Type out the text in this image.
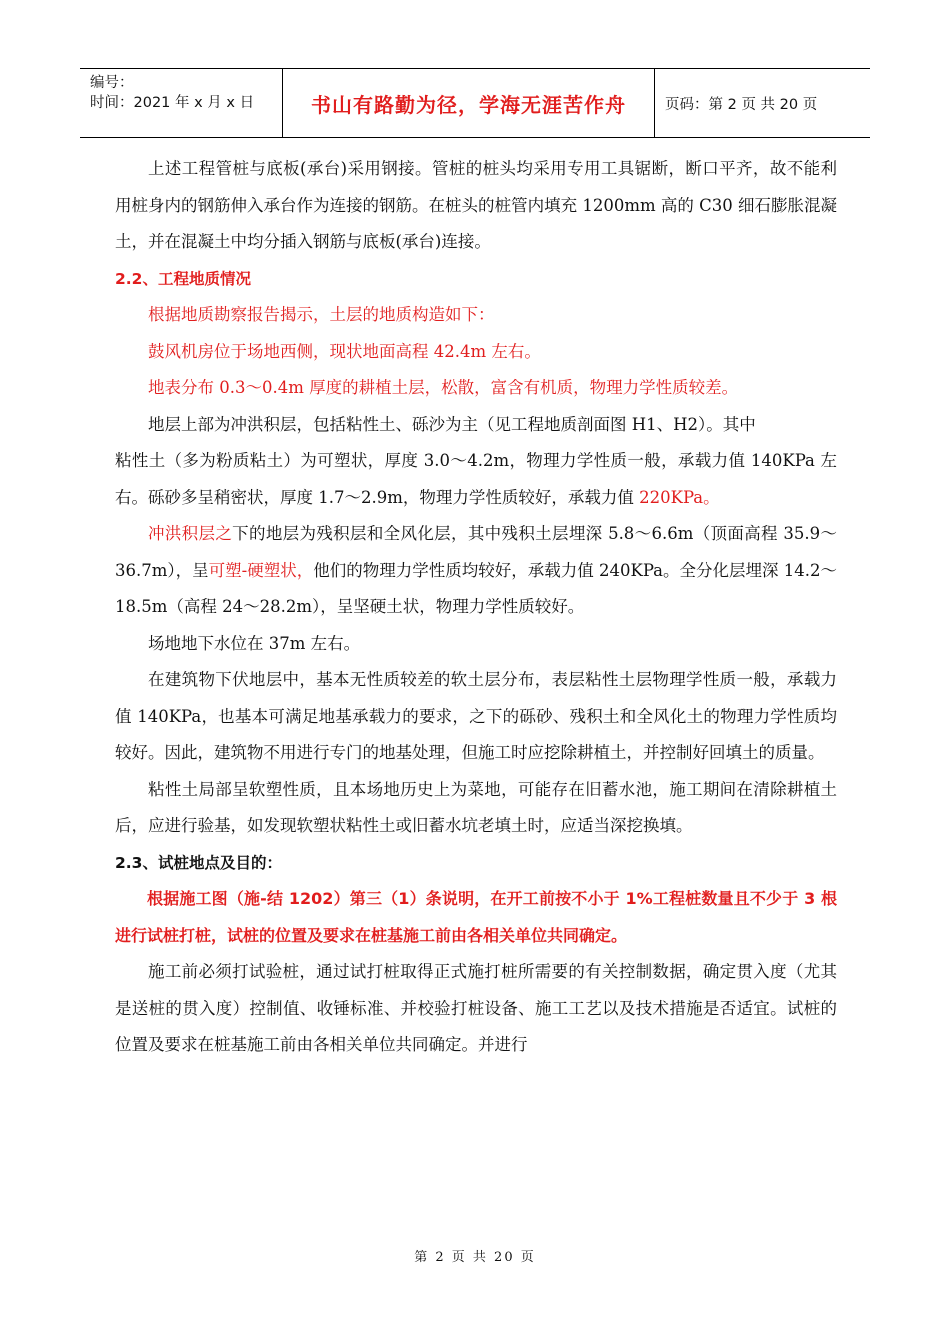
编号：
时间：2021 年 x 月 x 日	书山有路勤为径，学海无涯苦作舟	页码：第 2 页 共 20 页

上述工程管桩与底板(承台)采用钢接。管桩的桩头均采用专用工具锯断，断口平齐，故不能利用桩身内的钢筋伸入承台作为连接的钢筋。在桩头的桩管内填充 1200mm 高的 C30 细石膨胀混凝土，并在混凝土中均分插入钢筋与底板(承台)连接。

2.2、工程地质情况

根据地质勘察报告揭示，土层的地质构造如下：

鼓风机房位于场地西侧，现状地面高程 42.4m 左右。

地表分布 0.3～0.4m 厚度的耕植土层，松散，富含有机质，物理力学性质较差。

地层上部为冲洪积层，包括粘性土、砾沙为主（见工程地质剖面图 H1、H2）。其中

粘性土（多为粉质粘土）为可塑状，厚度 3.0～4.2m，物理力学性质一般，承载力值 140KPa 左右。砾砂多呈稍密状，厚度 1.7～2.9m，物理力学性质较好，承载力值 220KPa。

冲洪积层之下的地层为残积层和全风化层，其中残积土层埋深 5.8～6.6m（顶面高程 35.9～36.7m），呈可塑-硬塑状，他们的物理力学性质均较好，承载力值 240KPa。全分化层埋深 14.2～18.5m（高程 24～28.2m），呈坚硬土状，物理力学性质较好。

场地地下水位在 37m 左右。

在建筑物下伏地层中，基本无性质较差的软土层分布，表层粘性土层物理学性质一般，承载力值 140KPa，也基本可满足地基承载力的要求，之下的砾砂、残积土和全风化土的物理力学性质均较好。因此，建筑物不用进行专门的地基处理，但施工时应挖除耕植土，并控制好回填土的质量。

粘性土局部呈软塑性质，且本场地历史上为菜地，可能存在旧蓄水池，施工期间在清除耕植土后，应进行验基，如发现软塑状粘性土或旧蓄水坑老填土时，应适当深挖换填。

2.3、试桩地点及目的：

根据施工图（施-结 1202）第三（1）条说明，在开工前按不小于 1%工程桩数量且不少于 3 根进行试桩打桩，试桩的位置及要求在桩基施工前由各相关单位共同确定。

施工前必须打试验桩，通过试打桩取得正式施打桩所需要的有关控制数据，确定贯入度（尤其是送桩的贯入度）控制值、收锤标准、并校验打桩设备、施工工艺以及技术措施是否适宜。试桩的位置及要求在桩基施工前由各相关单位共同确定。并进行

第 2 页 共 20 页
